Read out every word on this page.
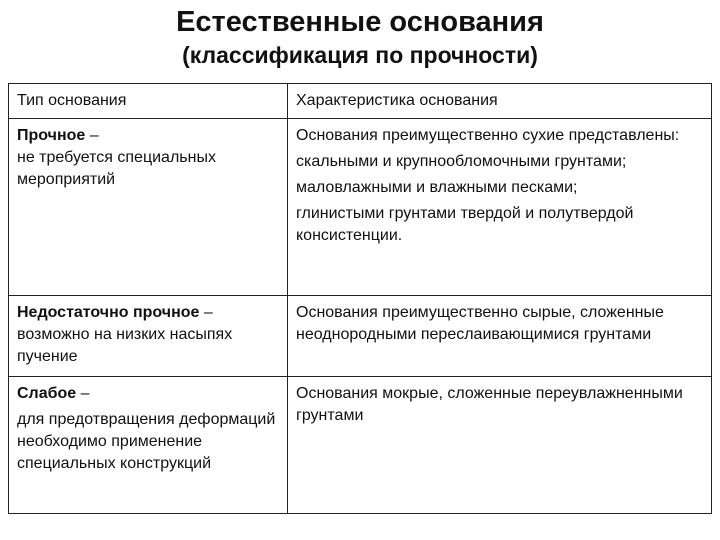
Естественные основания
(классификация по прочности)
Тип основания	Характеристика основания
Прочное –
не требуется специальных мероприятий	Основания преимущественно сухие представлены:
скальными и крупнообломочными грунтами;
маловлажными и влажными песками;
глинистыми грунтами твердой и полутвердой консистенции.

Недостаточно прочное –
возможно на низких насыпях пучение	Основания преимущественно сырые, сложенные неоднородными переслаивающимися грунтами

Слабое –
для предотвращения деформаций необходимо применение специальных конструкций	Основания мокрые, сложенные переувлажненными грунтами
